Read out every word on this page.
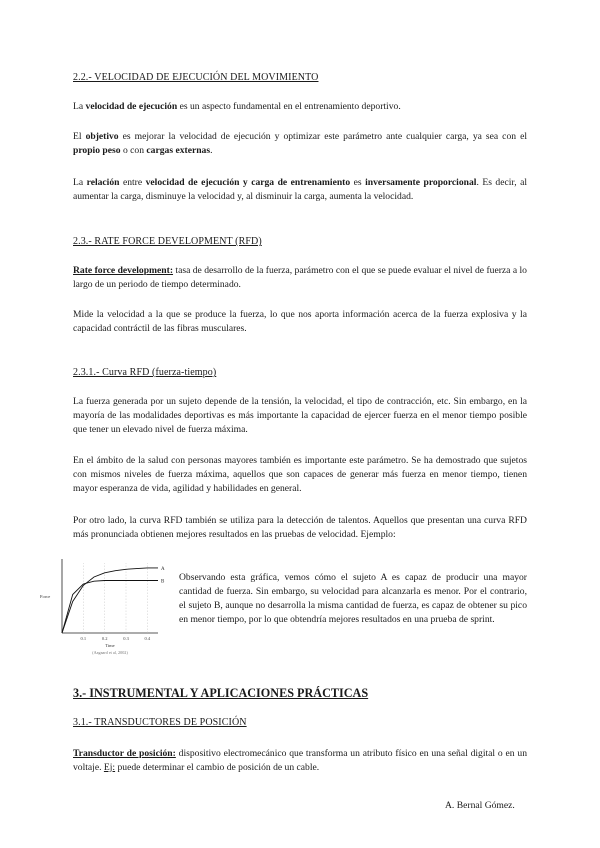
2.2.- VELOCIDAD DE EJECUCIÓN DEL MOVIMIENTO

La velocidad de ejecución es un aspecto fundamental en el entrenamiento deportivo.

El objetivo es mejorar la velocidad de ejecución y optimizar este parámetro ante cualquier carga, ya sea con el propio peso o con cargas externas.

La relación entre velocidad de ejecución y carga de entrenamiento es inversamente proporcional. Es decir, al aumentar la carga, disminuye la velocidad y, al disminuir la carga, aumenta la velocidad.

2.3.- RATE FORCE DEVELOPMENT (RFD)

Rate force development: tasa de desarrollo de la fuerza, parámetro con el que se puede evaluar el nivel de fuerza a lo largo de un periodo de tiempo determinado.

Mide la velocidad a la que se produce la fuerza, lo que nos aporta información acerca de la fuerza explosiva y la capacidad contráctil de las fibras musculares.

2.3.1.- Curva RFD (fuerza-tiempo)

La fuerza generada por un sujeto depende de la tensión, la velocidad, el tipo de contracción, etc. Sin embargo, en la mayoría de las modalidades deportivas es más importante la capacidad de ejercer fuerza en el menor tiempo posible que tener un elevado nivel de fuerza máxima.

En el ámbito de la salud con personas mayores también es importante este parámetro. Se ha demostrado que sujetos con mismos niveles de fuerza máxima, aquellos que son capaces de generar más fuerza en menor tiempo, tienen mayor esperanza de vida, agilidad y habilidades en general.

Por otro lado, la curva RFD también se utiliza para la detección de talentos. Aquellos que presentan una curva RFD más pronunciada obtienen mejores resultados en las pruebas de velocidad. Ejemplo:

0.1	0.2	0.3	0.4
A
B
Force
Time
(Aagaard et al, 2002)

Observando esta gráfica, vemos cómo el sujeto A es capaz de producir una mayor cantidad de fuerza. Sin embargo, su velocidad para alcanzarla es menor. Por el contrario, el sujeto B, aunque no desarrolla la misma cantidad de fuerza, es capaz de obtener su pico en menor tiempo, por lo que obtendría mejores resultados en una prueba de sprint.

3.- INSTRUMENTAL Y APLICACIONES PRÁCTICAS
3.1.- TRANSDUCTORES DE POSICIÓN

Transductor de posición: dispositivo electromecánico que transforma un atributo físico en una señal digital o en un voltaje. Ej: puede determinar el cambio de posición de un cable.

A. Bernal Gómez.
